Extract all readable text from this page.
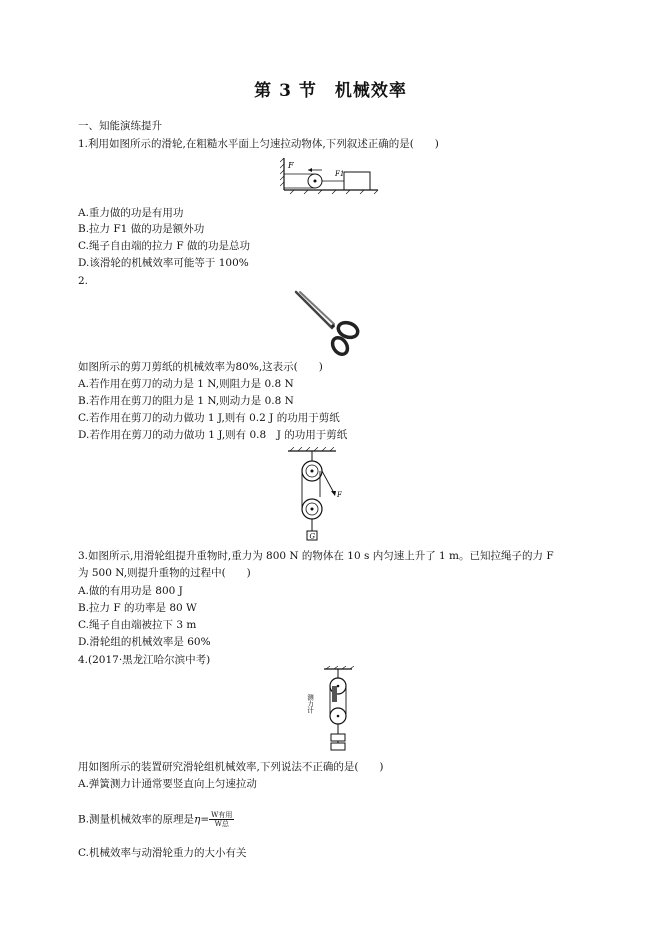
第 3 节　机械效率
一、知能演练提升
1.利用如图所示的滑轮,在粗糙水平面上匀速拉动物体,下列叙述正确的是(　　)
F
F1
A.重力做的功是有用功
B.拉力 F1 做的功是额外功
C.绳子自由端的拉力 F 做的功是总功
D.该滑轮的机械效率可能等于 100%
2.
如图所示的剪刀剪纸的机械效率为80%,这表示(　　)
A.若作用在剪刀的动力是 1 N,则阻力是 0.8 N
B.若作用在剪刀的阻力是 1 N,则动力是 0.8 N
C.若作用在剪刀的动力做功 1 J,则有 0.2 J 的功用于剪纸
D.若作用在剪刀的动力做功 1 J,则有 0.8　J 的功用于剪纸
F
G
3.如图所示,用滑轮组提升重物时,重力为 800 N 的物体在 10 s 内匀速上升了 1 m。已知拉绳子的力 F
为 500 N,则提升重物的过程中(　　)
A.做的有用功是 800 J
B.拉力 F 的功率是 80 W
C.绳子自由端被拉下 3 m
D.滑轮组的机械效率是 60%
4.(2017·黑龙江哈尔滨中考)
测力计
用如图所示的装置研究滑轮组机械效率,下列说法不正确的是(　　)
A.弹簧测力计通常要竖直向上匀速拉动
B.测量机械效率的原理是$\eta= \frac{\text{W有用}}{\text{W总}}$
C.机械效率与动滑轮重力的大小有关
